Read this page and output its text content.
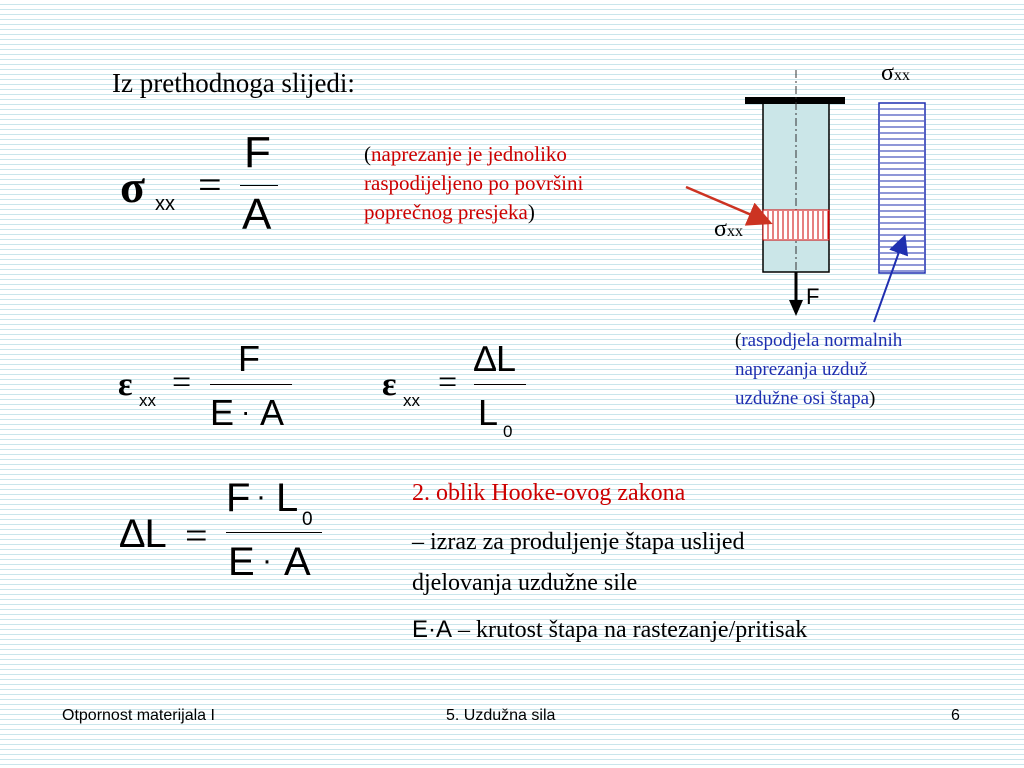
Iz prethodnoga slijedi:
σ xx =
F
A
(naprezanje je jednoliko
raspodijeljeno po površini
poprečnog presjeka)
ε xx =
F
E · A
ε xx =
∆L
L 0
∆L =
F · L 0
E · A
2. oblik Hooke-ovog zakona
– izraz za produljenje štapa uslijed
djelovanja uzdužne sile
E·A – krutost štapa na rastezanje/pritisak
σxx
σxx
F
(raspodjela normalnih
naprezanja uzduž
uzdužne osi štapa)
Otpornost materijala I	5. Uzdužna sila	6
